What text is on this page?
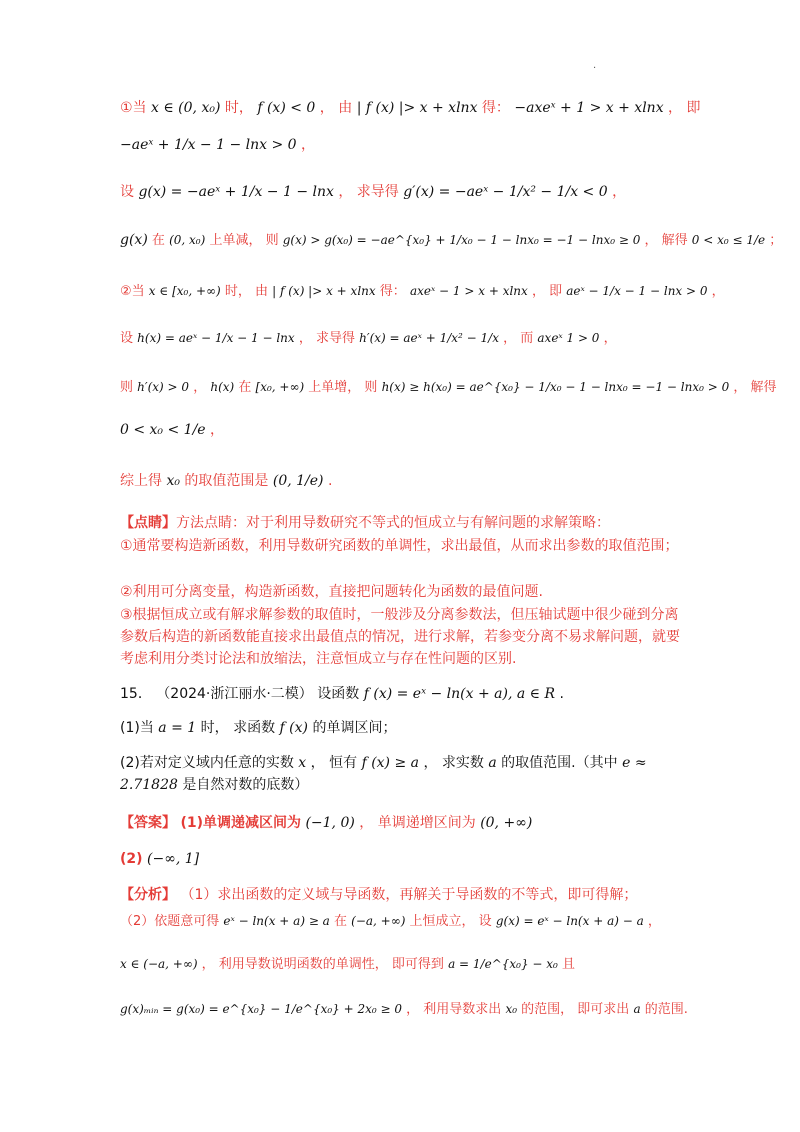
.
①当 x ∈ (0, x₀) 时， f (x) < 0 ， 由 | f (x) |> x + xlnx 得： −axeˣ + 1 > x + xlnx ， 即
−aeˣ + 1/x − 1 − lnx > 0 ，
设 g(x) = −aeˣ + 1/x − 1 − lnx ， 求导得 g′(x) = −aeˣ − 1/x² − 1/x < 0 ，
g(x) 在 (0, x₀) 上单减， 则 g(x) > g(x₀) = −ae^{x₀} + 1/x₀ − 1 − lnx₀ = −1 − lnx₀ ≥ 0 ， 解得 0 < x₀ ≤ 1/e ；
②当 x ∈ [x₀, +∞) 时， 由 | f (x) |> x + xlnx 得： axeˣ − 1 > x + xlnx ， 即 aeˣ − 1/x − 1 − lnx > 0 ，
设 h(x) = aeˣ − 1/x − 1 − lnx ， 求导得 h′(x) = aeˣ + 1/x² − 1/x ， 而 axeˣ 1 > 0 ，
则 h′(x) > 0 ， h(x) 在 [x₀, +∞) 上单增， 则 h(x) ≥ h(x₀) = ae^{x₀} − 1/x₀ − 1 − lnx₀ = −1 − lnx₀ > 0 ， 解得
0 < x₀ < 1/e ，
综上得 x₀ 的取值范围是 (0, 1/e) .
【点睛】方法点睛：对于利用导数研究不等式的恒成立与有解问题的求解策略：
①通常要构造新函数，利用导数研究函数的单调性，求出最值，从而求出参数的取值范围；
②利用可分离变量，构造新函数，直接把问题转化为函数的最值问题.
③根据恒成立或有解求解参数的取值时，一般涉及分离参数法，但压轴试题中很少碰到分离参数后构造的新函数能直接求出最值点的情况，进行求解，若参变分离不易求解问题，就要考虑利用分类讨论法和放缩法，注意恒成立与存在性问题的区别.
15． （2024·浙江丽水·二模） 设函数 f (x) = eˣ − ln(x + a), a ∈ R .
(1)当 a = 1 时， 求函数 f (x) 的单调区间；
(2)若对定义域内任意的实数 x ， 恒有 f (x) ≥ a ， 求实数 a 的取值范围.（其中 e ≈ 2.71828 是自然对数的底数）
【答案】 (1)单调递减区间为 (−1, 0) ， 单调递增区间为 (0, +∞)
(2) (−∞, 1]
【分析】 （1）求出函数的定义域与导函数，再解关于导函数的不等式，即可得解；
（2）依题意可得 eˣ − ln(x + a) ≥ a 在 (−a, +∞) 上恒成立， 设 g(x) = eˣ − ln(x + a) − a ，
x ∈ (−a, +∞) ， 利用导数说明函数的单调性， 即可得到 a = 1/e^{x₀} − x₀ 且
g(x)ₘᵢₙ = g(x₀) = e^{x₀} − 1/e^{x₀} + 2x₀ ≥ 0 ， 利用导数求出 x₀ 的范围， 即可求出 a 的范围.
